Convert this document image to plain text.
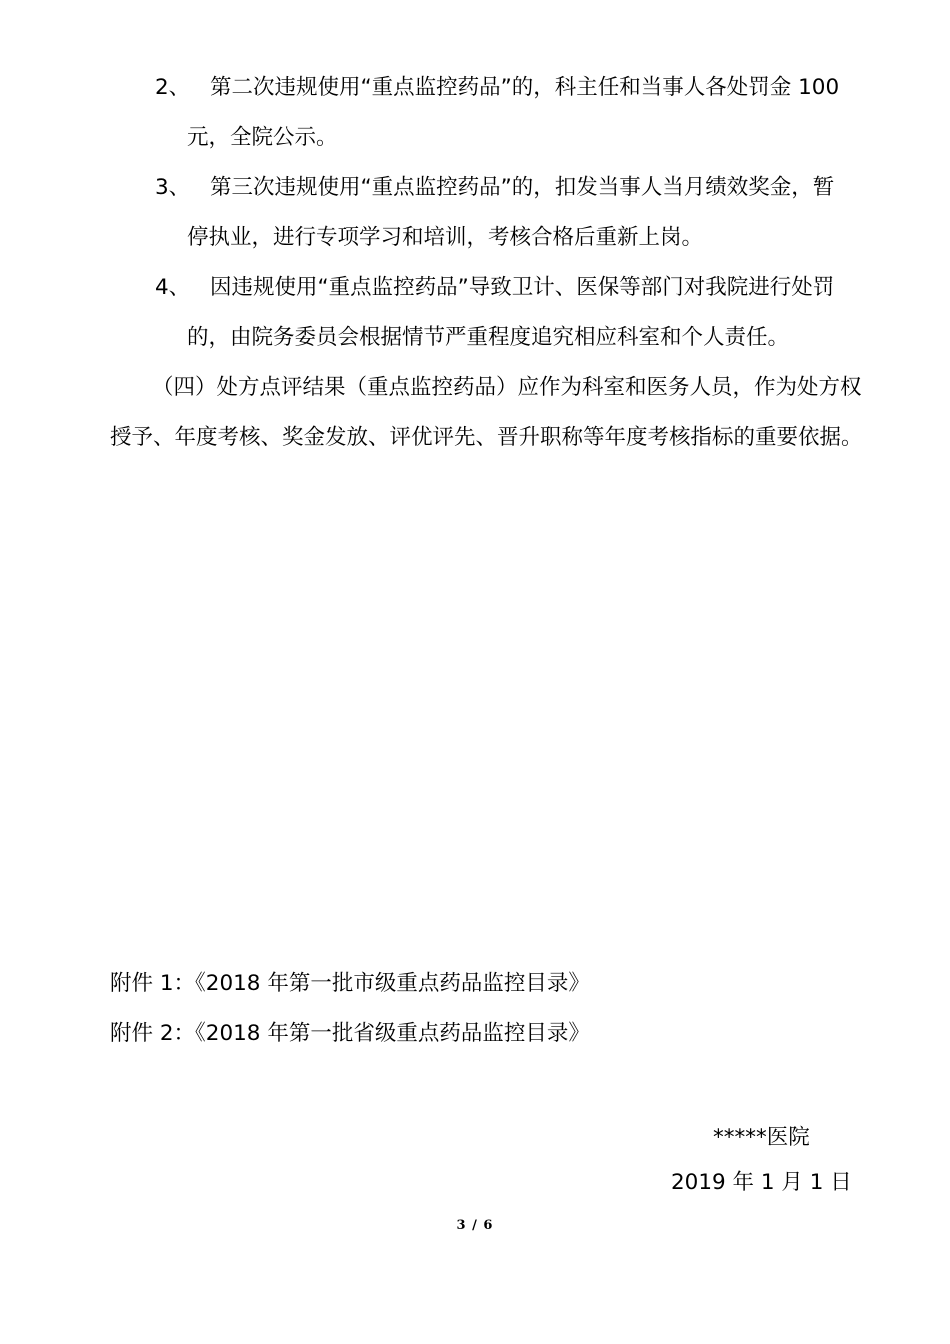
2、 第二次违规使用“重点监控药品”的，科主任和当事人各处罚金 100
元，全院公示。
3、 第三次违规使用“重点监控药品”的，扣发当事人当月绩效奖金，暂
停执业，进行专项学习和培训，考核合格后重新上岗。
4、 因违规使用“重点监控药品”导致卫计、医保等部门对我院进行处罚
的，由院务委员会根据情节严重程度追究相应科室和个人责任。
（四）处方点评结果（重点监控药品）应作为科室和医务人员，作为处方权
授予、年度考核、奖金发放、评优评先、晋升职称等年度考核指标的重要依据。
附件 1：《2018 年第一批市级重点药品监控目录》
附件 2：《2018 年第一批省级重点药品监控目录》
*****医院
2019 年 1 月 1 日
3 / 6
